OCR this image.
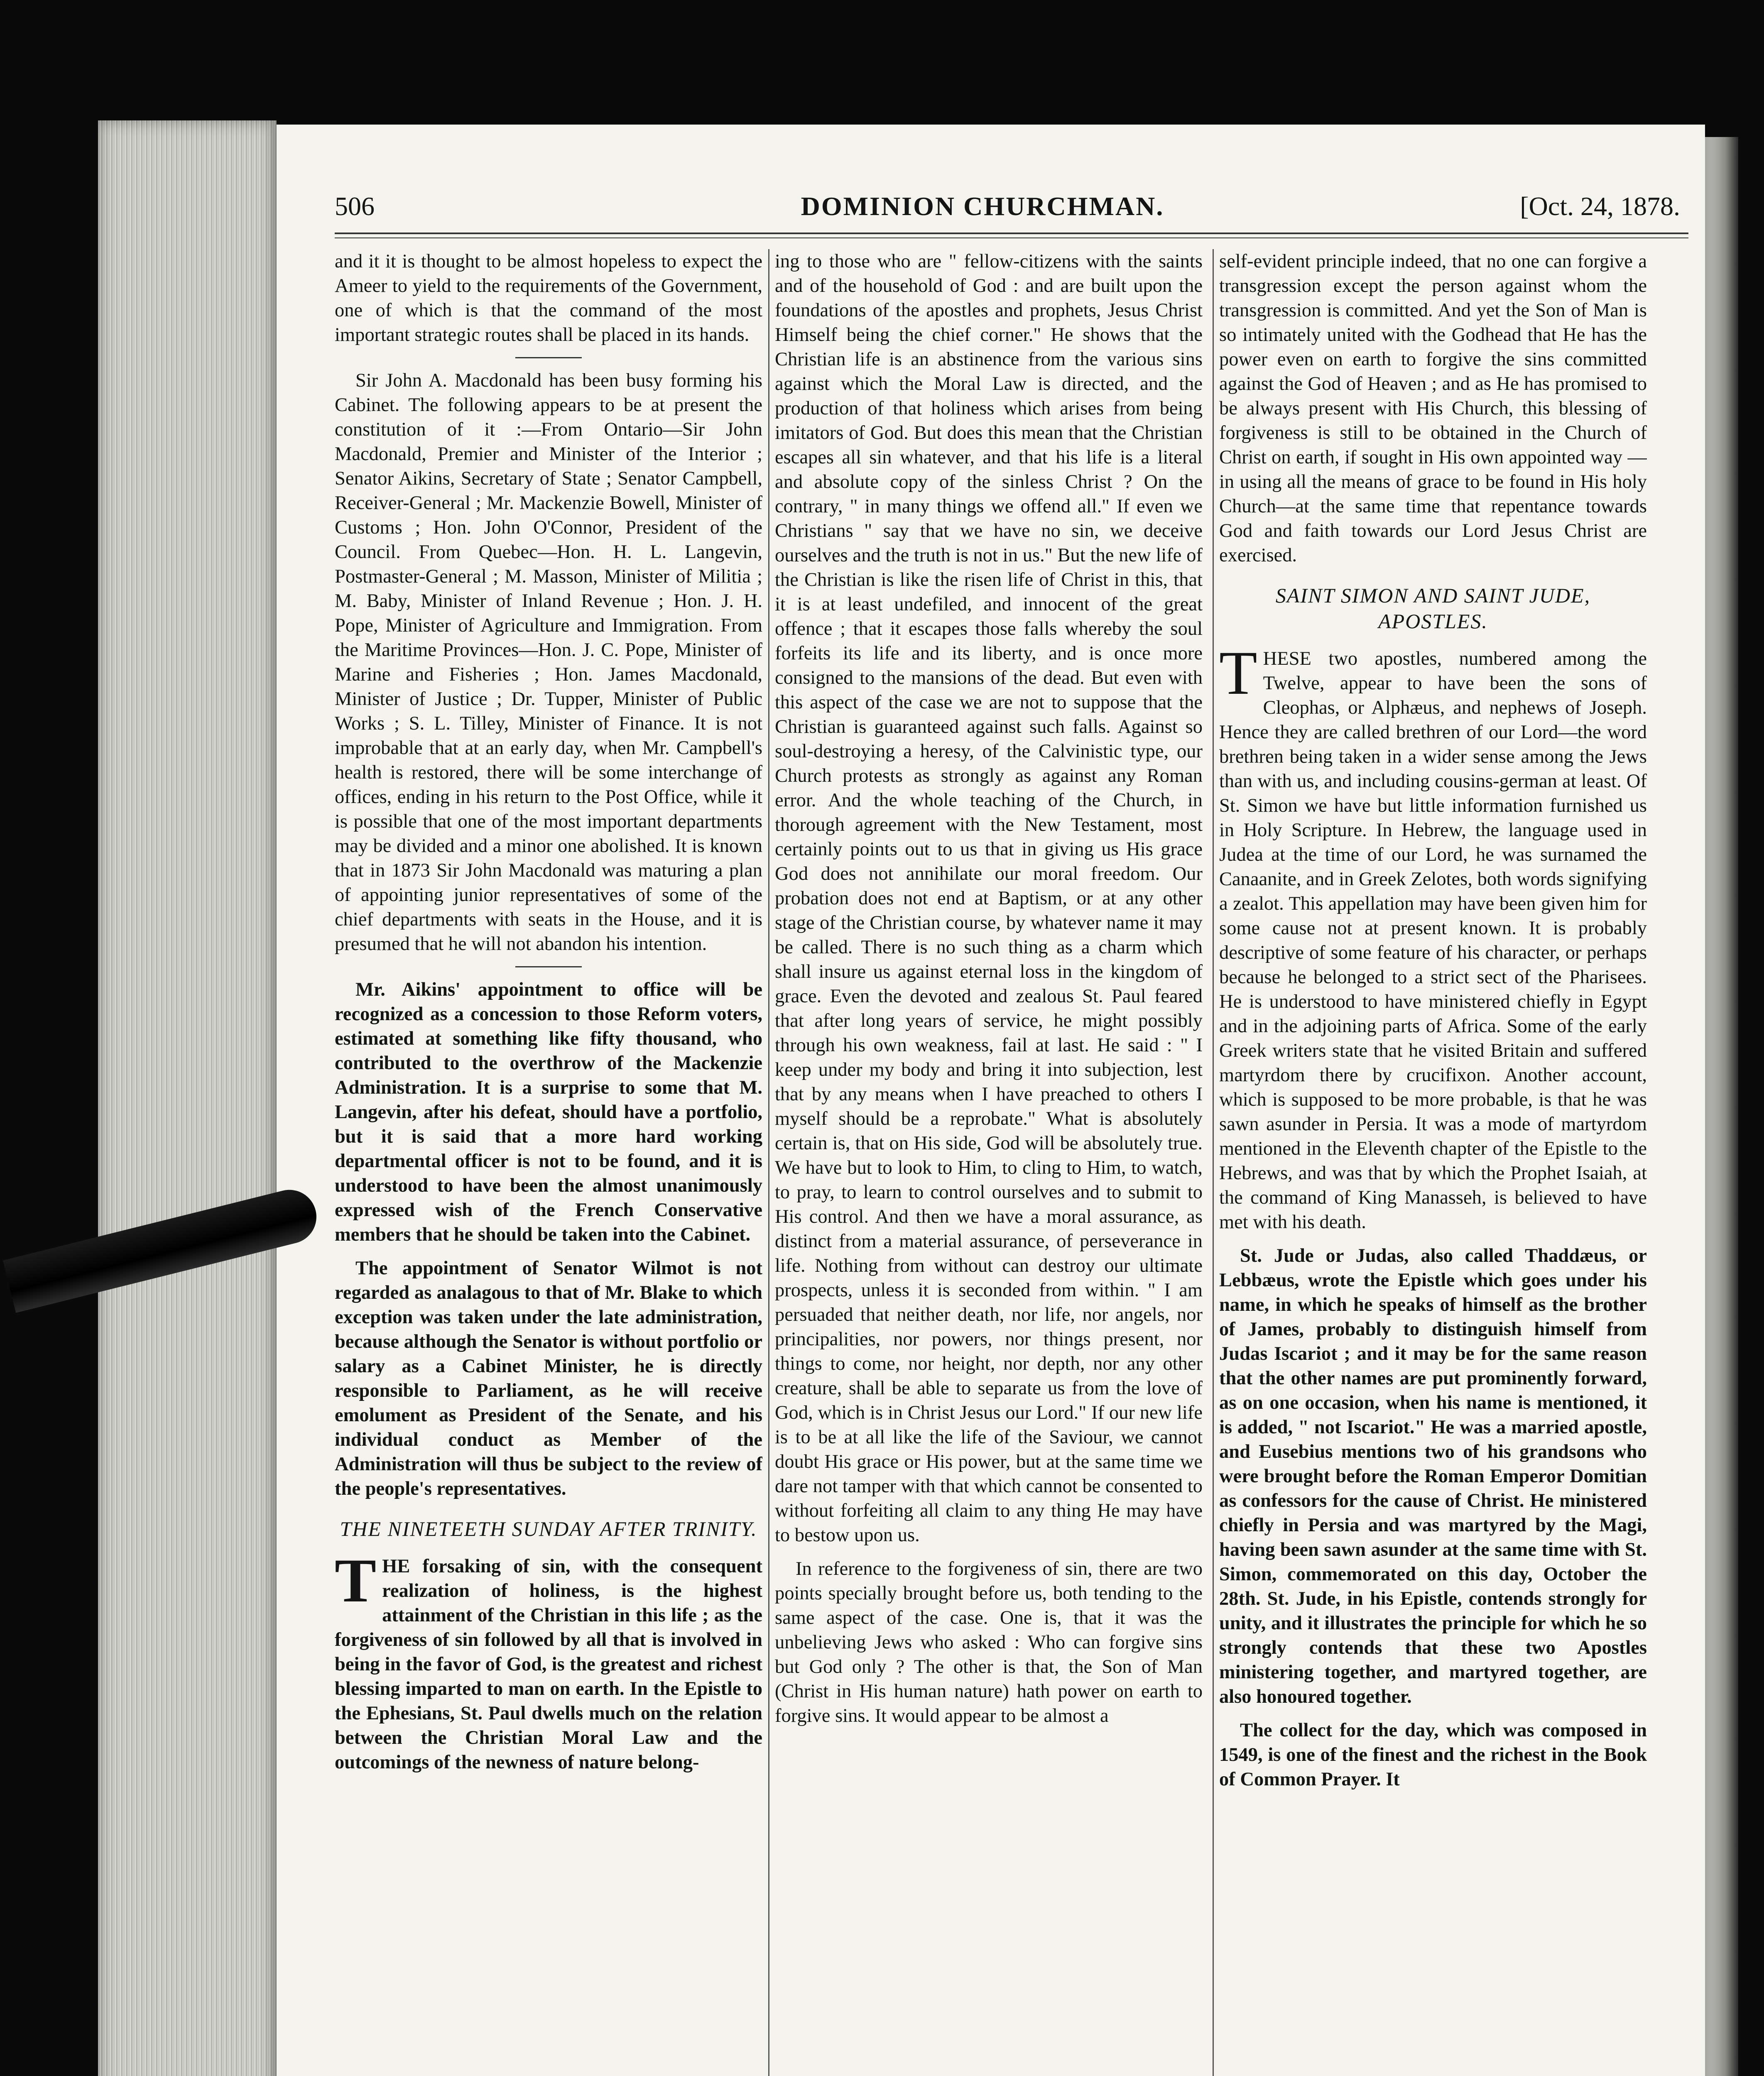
506	DOMINION CHURCHMAN.	[Oct. 24, 1878.

and it it is thought to be almost hopeless to expect the Ameer to yield to the requirements of the Government, one of which is that the command of the most important strategic routes shall be placed in its hands.

Sir John A. Macdonald has been busy forming his Cabinet. The following appears to be at present the constitution of it :—From Ontario—Sir John Macdonald, Premier and Minister of the Interior ; Senator Aikins, Secretary of State ; Senator Campbell, Receiver-General ; Mr. Mackenzie Bowell, Minister of Customs ; Hon. John O'Connor, President of the Council. From Quebec—Hon. H. L. Langevin, Postmaster-General ; M. Masson, Minister of Militia ; M. Baby, Minister of Inland Revenue ; Hon. J. H. Pope, Minister of Agriculture and Immigration. From the Maritime Provinces—Hon. J. C. Pope, Minister of Marine and Fisheries ; Hon. James Macdonald, Minister of Justice ; Dr. Tupper, Minister of Public Works ; S. L. Tilley, Minister of Finance. It is not improbable that at an early day, when Mr. Campbell's health is restored, there will be some interchange of offices, ending in his return to the Post Office, while it is possible that one of the most important departments may be divided and a minor one abolished. It is known that in 1873 Sir John Macdonald was maturing a plan of appointing junior representatives of some of the chief departments with seats in the House, and it is presumed that he will not abandon his intention.

Mr. Aikins' appointment to office will be recognized as a concession to those Reform voters, estimated at something like fifty thousand, who contributed to the overthrow of the Mackenzie Administration. It is a surprise to some that M. Langevin, after his defeat, should have a portfolio, but it is said that a more hard working departmental officer is not to be found, and it is understood to have been the almost unanimously expressed wish of the French Conservative members that he should be taken into the Cabinet.

The appointment of Senator Wilmot is not regarded as analagous to that of Mr. Blake to which exception was taken under the late administration, because although the Senator is without portfolio or salary as a Cabinet Minister, he is directly responsible to Parliament, as he will receive emolument as President of the Senate, and his individual conduct as Member of the Administration will thus be subject to the review of the people's representatives.

THE NINETEETH SUNDAY AFTER TRINITY.

THE forsaking of sin, with the consequent realization of holiness, is the highest attainment of the Christian in this life ; as the forgiveness of sin followed by all that is involved in being in the favor of God, is the greatest and richest blessing imparted to man on earth. In the Epistle to the Ephesians, St. Paul dwells much on the relation between the Christian Moral Law and the outcomings of the newness of nature belong-

ing to those who are " fellow-citizens with the saints and of the household of God : and are built upon the foundations of the apostles and prophets, Jesus Christ Himself being the chief corner." He shows that the Christian life is an abstinence from the various sins against which the Moral Law is directed, and the production of that holiness which arises from being imitators of God. But does this mean that the Christian escapes all sin whatever, and that his life is a literal and absolute copy of the sinless Christ ? On the contrary, " in many things we offend all." If even we Christians " say that we have no sin, we deceive ourselves and the truth is not in us." But the new life of the Christian is like the risen life of Christ in this, that it is at least undefiled, and innocent of the great offence ; that it escapes those falls whereby the soul forfeits its life and its liberty, and is once more consigned to the mansions of the dead. But even with this aspect of the case we are not to suppose that the Christian is guaranteed against such falls. Against so soul-destroying a heresy, of the Calvinistic type, our Church protests as strongly as against any Roman error. And the whole teaching of the Church, in thorough agreement with the New Testament, most certainly points out to us that in giving us His grace God does not annihilate our moral freedom. Our probation does not end at Baptism, or at any other stage of the Christian course, by whatever name it may be called. There is no such thing as a charm which shall insure us against eternal loss in the kingdom of grace. Even the devoted and zealous St. Paul feared that after long years of service, he might possibly through his own weakness, fail at last. He said : " I keep under my body and bring it into subjection, lest that by any means when I have preached to others I myself should be a reprobate." What is absolutely certain is, that on His side, God will be absolutely true. We have but to look to Him, to cling to Him, to watch, to pray, to learn to control ourselves and to submit to His control. And then we have a moral assurance, as distinct from a material assurance, of perseverance in life. Nothing from without can destroy our ultimate prospects, unless it is seconded from within. " I am persuaded that neither death, nor life, nor angels, nor principalities, nor powers, nor things present, nor things to come, nor height, nor depth, nor any other creature, shall be able to separate us from the love of God, which is in Christ Jesus our Lord." If our new life is to be at all like the life of the Saviour, we cannot doubt His grace or His power, but at the same time we dare not tamper with that which cannot be consented to without forfeiting all claim to any thing He may have to bestow upon us.

In reference to the forgiveness of sin, there are two points specially brought before us, both tending to the same aspect of the case. One is, that it was the unbelieving Jews who asked : Who can forgive sins but God only ? The other is that, the Son of Man (Christ in His human nature) hath power on earth to forgive sins. It would appear to be almost a

self-evident principle indeed, that no one can forgive a transgression except the person against whom the transgression is committed. And yet the Son of Man is so intimately united with the Godhead that He has the power even on earth to forgive the sins committed against the God of Heaven ; and as He has promised to be always present with His Church, this blessing of forgiveness is still to be obtained in the Church of Christ on earth, if sought in His own appointed way —in using all the means of grace to be found in His holy Church—at the same time that repentance towards God and faith towards our Lord Jesus Christ are exercised.

SAINT SIMON AND SAINT JUDE, APOSTLES.

THESE two apostles, numbered among the Twelve, appear to have been the sons of Cleophas, or Alphæus, and nephews of Joseph. Hence they are called brethren of our Lord—the word brethren being taken in a wider sense among the Jews than with us, and including cousins-german at least. Of St. Simon we have but little information furnished us in Holy Scripture. In Hebrew, the language used in Judea at the time of our Lord, he was surnamed the Canaanite, and in Greek Zelotes, both words signifying a zealot. This appellation may have been given him for some cause not at present known. It is probably descriptive of some feature of his character, or perhaps because he belonged to a strict sect of the Pharisees. He is understood to have ministered chiefly in Egypt and in the adjoining parts of Africa. Some of the early Greek writers state that he visited Britain and suffered martyrdom there by crucifixon. Another account, which is supposed to be more probable, is that he was sawn asunder in Persia. It was a mode of martyrdom mentioned in the Eleventh chapter of the Epistle to the Hebrews, and was that by which the Prophet Isaiah, at the command of King Manasseh, is believed to have met with his death.

St. Jude or Judas, also called Thaddæus, or Lebbæus, wrote the Epistle which goes under his name, in which he speaks of himself as the brother of James, probably to distinguish himself from Judas Iscariot ; and it may be for the same reason that the other names are put prominently forward, as on one occasion, when his name is mentioned, it is added, " not Iscariot." He was a married apostle, and Eusebius mentions two of his grandsons who were brought before the Roman Emperor Domitian as confessors for the cause of Christ. He ministered chiefly in Persia and was martyred by the Magi, having been sawn asunder at the same time with St. Simon, commemorated on this day, October the 28th. St. Jude, in his Epistle, contends strongly for unity, and it illustrates the principle for which he so strongly contends that these two Apostles ministering together, and martyred together, are also honoured together.

The collect for the day, which was composed in 1549, is one of the finest and the richest in the Book of Common Prayer. It
